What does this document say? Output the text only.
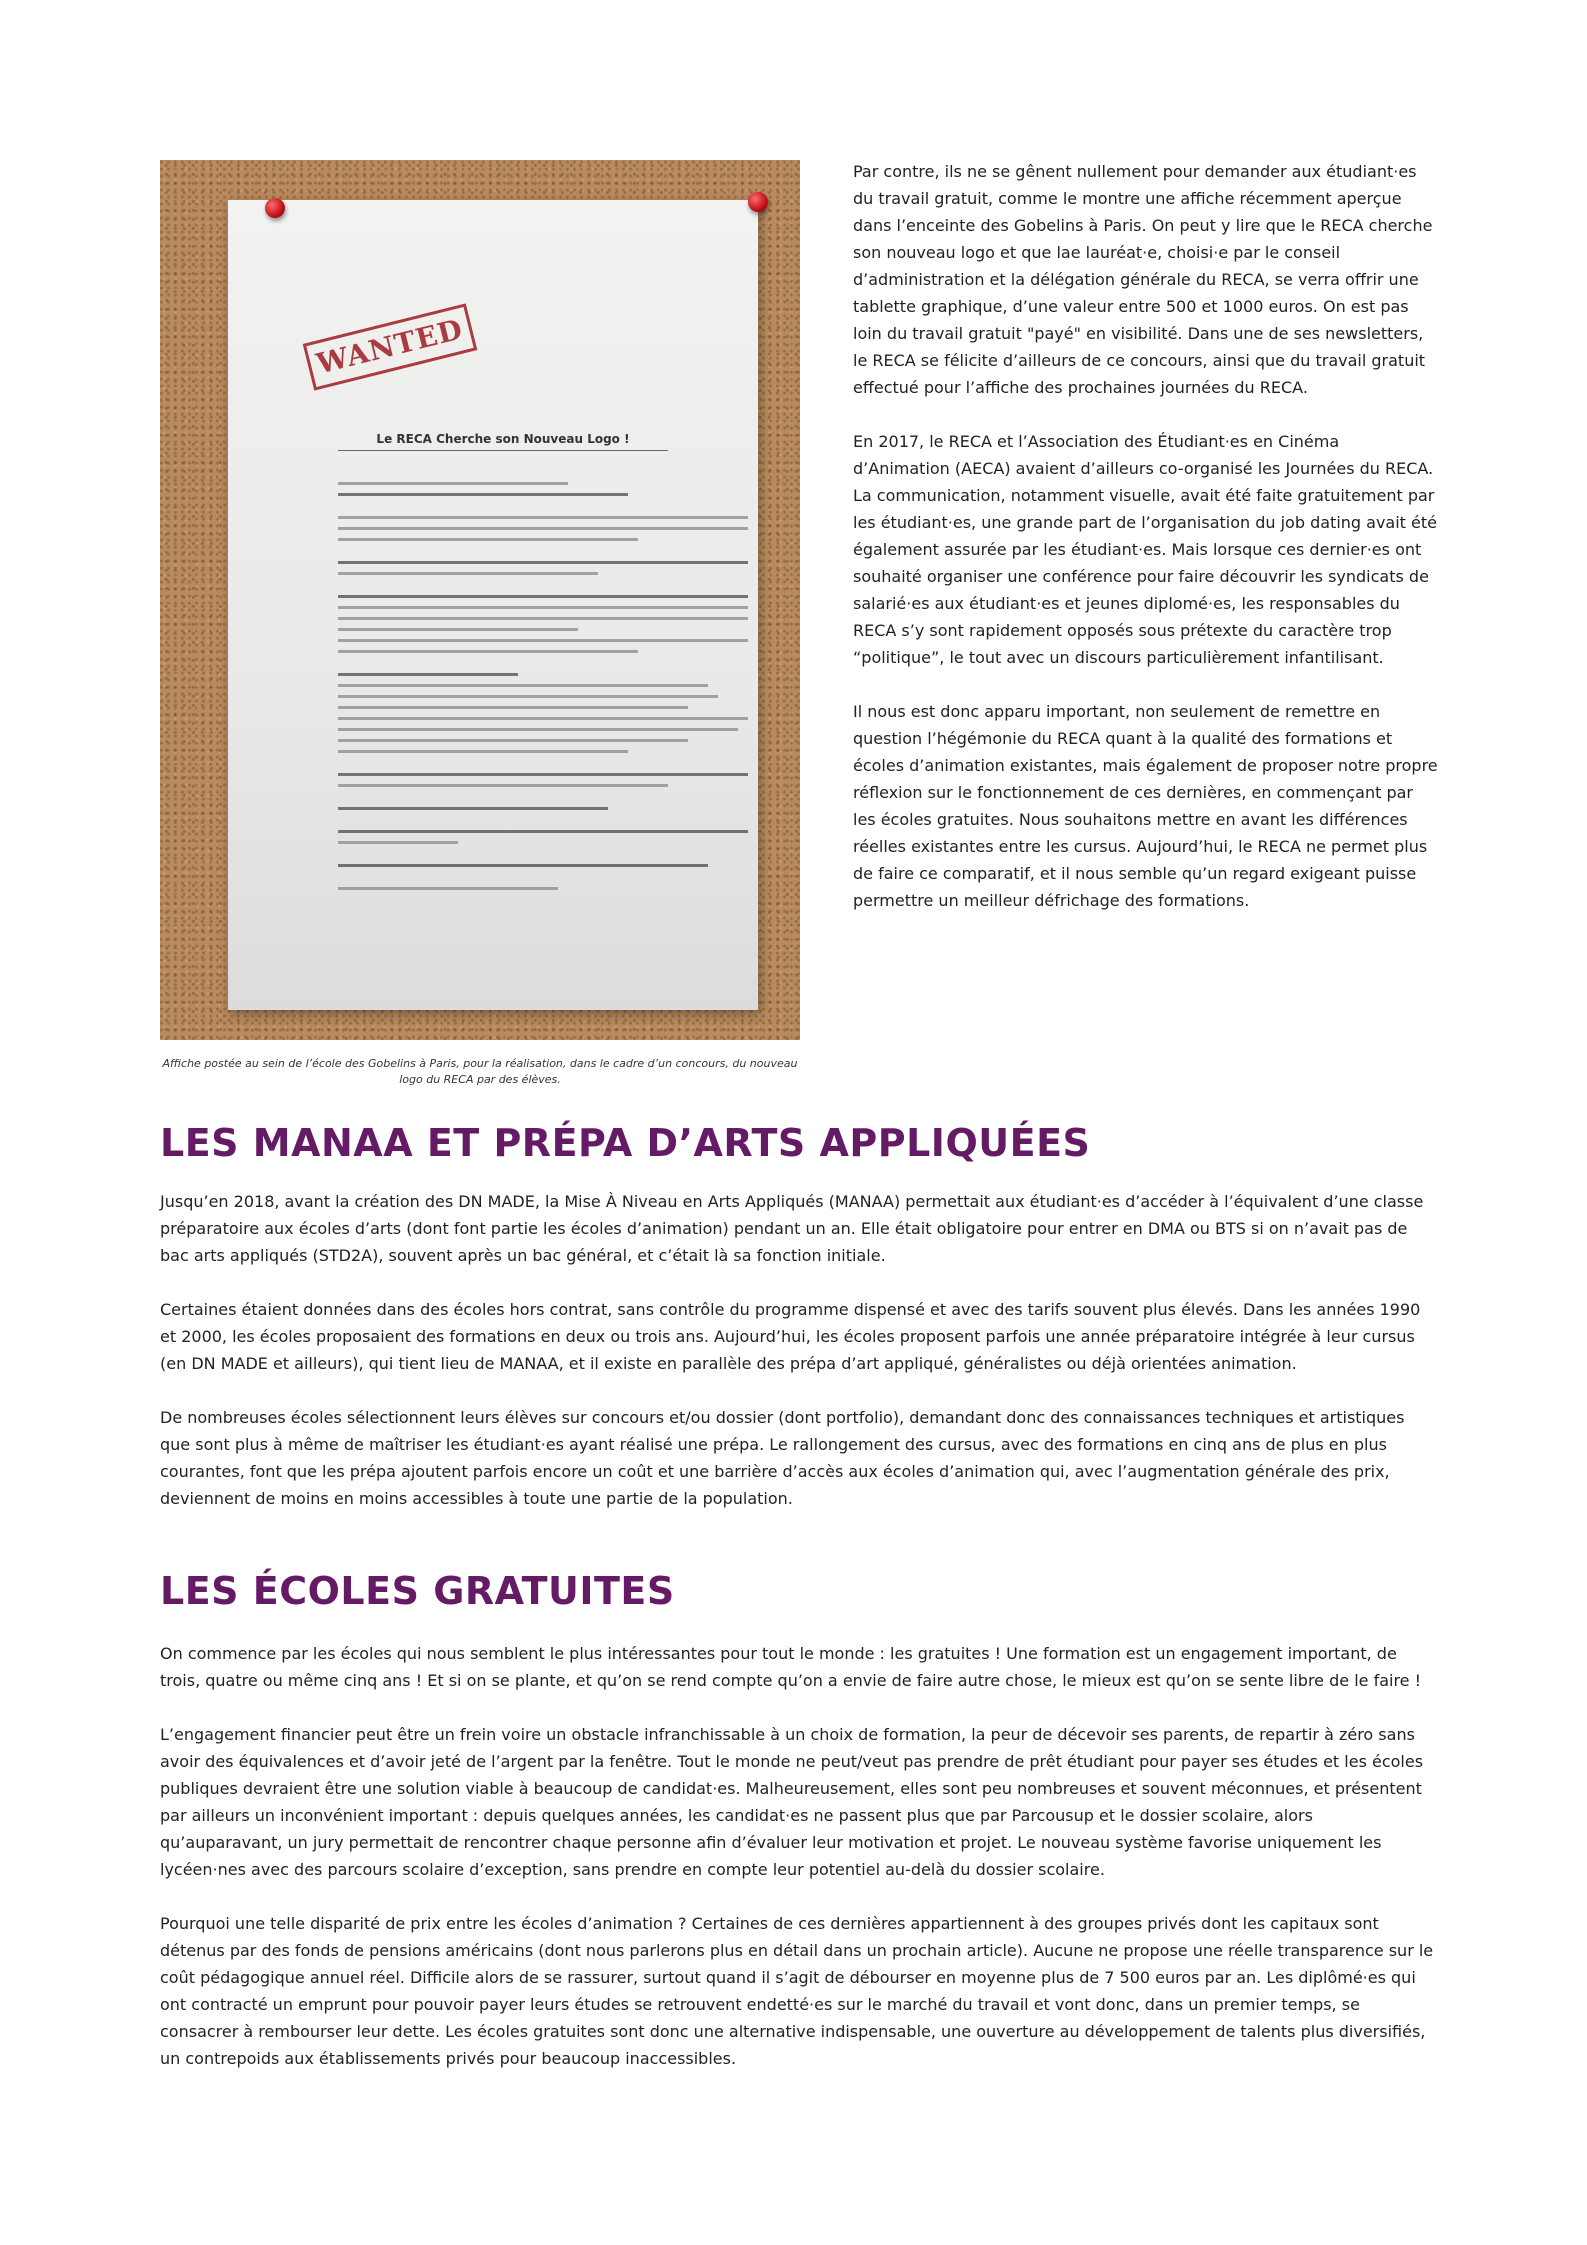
WANTED
Le RECA Cherche son Nouveau Logo !
Affiche postée au sein de l’école des Gobelins à Paris, pour la réalisation, dans le cadre d’un concours, du nouveau logo du RECA par des élèves.

Par contre, ils ne se gênent nullement pour demander aux étudiant·es du travail gratuit, comme le montre une affiche récemment aperçue dans l’enceinte des Gobelins à Paris. On peut y lire que le RECA cherche son nouveau logo et que lae lauréat·e, choisi·e par le conseil d’administration et la délégation générale du RECA, se verra offrir une tablette graphique, d’une valeur entre 500 et 1000 euros. On est pas loin du travail gratuit "payé" en visibilité. Dans une de ses newsletters, le RECA se félicite d’ailleurs de ce concours, ainsi que du travail gratuit effectué pour l’affiche des prochaines journées du RECA.

En 2017, le RECA et l’Association des Étudiant·es en Cinéma d’Animation (AECA) avaient d’ailleurs co-organisé les Journées du RECA. La communication, notamment visuelle, avait été faite gratuitement par les étudiant·es, une grande part de l’organisation du job dating avait été également assurée par les étudiant·es. Mais lorsque ces dernier·es ont souhaité organiser une conférence pour faire découvrir les syndicats de salarié·es aux étudiant·es et jeunes diplomé·es, les responsables du RECA s’y sont rapidement opposés sous prétexte du caractère trop “politique”, le tout avec un discours particulièrement infantilisant.

Il nous est donc apparu important, non seulement de remettre en question l’hégémonie du RECA quant à la qualité des formations et écoles d’animation existantes, mais également de proposer notre propre réflexion sur le fonctionnement de ces dernières, en commençant par les écoles gratuites. Nous souhaitons mettre en avant les différences réelles existantes entre les cursus. Aujourd’hui, le RECA ne permet plus de faire ce comparatif, et il nous semble qu’un regard exigeant puisse permettre un meilleur défrichage des formations.

LES MANAA ET PRÉPA D’ARTS APPLIQUÉES

Jusqu’en 2018, avant la création des DN MADE, la Mise À Niveau en Arts Appliqués (MANAA) permettait aux étudiant·es d’accéder à l’équivalent d’une classe préparatoire aux écoles d’arts (dont font partie les écoles d’animation) pendant un an. Elle était obligatoire pour entrer en DMA ou BTS si on n’avait pas de bac arts appliqués (STD2A), souvent après un bac général, et c’était là sa fonction initiale.

Certaines étaient données dans des écoles hors contrat, sans contrôle du programme dispensé et avec des tarifs souvent plus élevés. Dans les années 1990 et 2000, les écoles proposaient des formations en deux ou trois ans. Aujourd’hui, les écoles proposent parfois une année préparatoire intégrée à leur cursus (en DN MADE et ailleurs), qui tient lieu de MANAA, et il existe en parallèle des prépa d’art appliqué, généralistes ou déjà orientées animation.

De nombreuses écoles sélectionnent leurs élèves sur concours et/ou dossier (dont portfolio), demandant donc des connaissances techniques et artistiques que sont plus à même de maîtriser les étudiant·es ayant réalisé une prépa. Le rallongement des cursus, avec des formations en cinq ans de plus en plus courantes, font que les prépa ajoutent parfois encore un coût et une barrière d’accès aux écoles d’animation qui, avec l’augmentation générale des prix, deviennent de moins en moins accessibles à toute une partie de la population.

LES ÉCOLES GRATUITES

On commence par les écoles qui nous semblent le plus intéressantes pour tout le monde : les gratuites ! Une formation est un engagement important, de trois, quatre ou même cinq ans ! Et si on se plante, et qu’on se rend compte qu’on a envie de faire autre chose, le mieux est qu’on se sente libre de le faire !

L’engagement financier peut être un frein voire un obstacle infranchissable à un choix de formation, la peur de décevoir ses parents, de repartir à zéro sans avoir des équivalences et d’avoir jeté de l’argent par la fenêtre. Tout le monde ne peut/veut pas prendre de prêt étudiant pour payer ses études et les écoles publiques devraient être une solution viable à beaucoup de candidat·es. Malheureusement, elles sont peu nombreuses et souvent méconnues, et présentent par ailleurs un inconvénient important : depuis quelques années, les candidat·es ne passent plus que par Parcousup et le dossier scolaire, alors qu’auparavant, un jury permettait de rencontrer chaque personne afin d’évaluer leur motivation et projet. Le nouveau système favorise uniquement les lycéen·nes avec des parcours scolaire d’exception, sans prendre en compte leur potentiel au-delà du dossier scolaire.

Pourquoi une telle disparité de prix entre les écoles d’animation ? Certaines de ces dernières appartiennent à des groupes privés dont les capitaux sont détenus par des fonds de pensions américains (dont nous parlerons plus en détail dans un prochain article). Aucune ne propose une réelle transparence sur le coût pédagogique annuel réel. Difficile alors de se rassurer, surtout quand il s’agit de débourser en moyenne plus de 7 500 euros par an. Les diplômé·es qui ont contracté un emprunt pour pouvoir payer leurs études se retrouvent endetté·es sur le marché du travail et vont donc, dans un premier temps, se consacrer à rembourser leur dette. Les écoles gratuites sont donc une alternative indispensable, une ouverture au développement de talents plus diversifiés, un contrepoids aux établissements privés pour beaucoup inaccessibles.
